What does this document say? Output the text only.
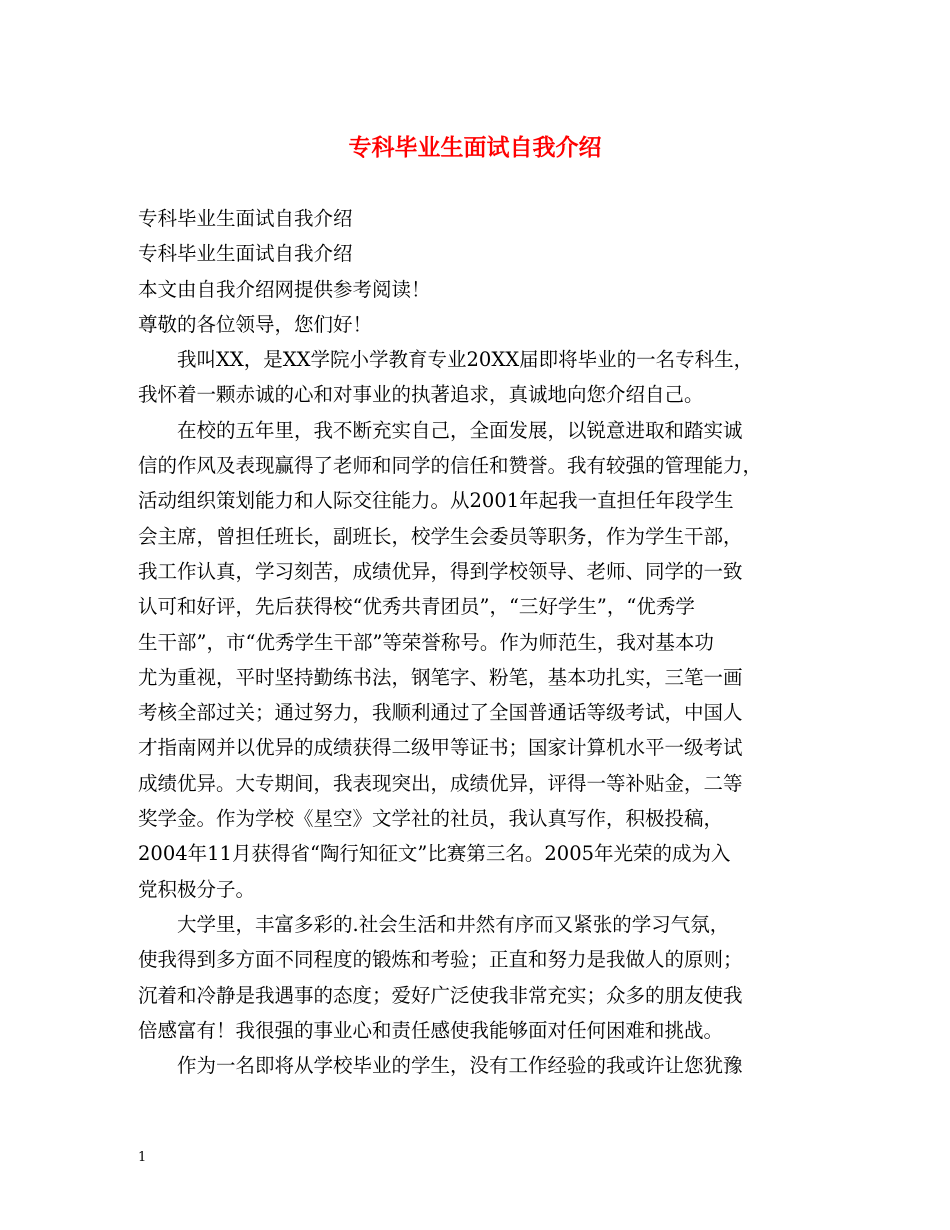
专科毕业生面试自我介绍
专科毕业生面试自我介绍
专科毕业生面试自我介绍
本文由自我介绍网提供参考阅读！
尊敬的各位领导，您们好！
我叫XX，是XX学院小学教育专业20XX届即将毕业的一名专科生，
我怀着一颗赤诚的心和对事业的执著追求，真诚地向您介绍自己。
在校的五年里，我不断充实自己，全面发展，以锐意进取和踏实诚
信的作风及表现赢得了老师和同学的信任和赞誉。我有较强的管理能力，
活动组织策划能力和人际交往能力。从2001年起我一直担任年段学生
会主席，曾担任班长，副班长，校学生会委员等职务，作为学生干部，
我工作认真，学习刻苦，成绩优异，得到学校领导、老师、同学的一致
认可和好评，先后获得校“优秀共青团员”，“三好学生”，“优秀学
生干部”，市“优秀学生干部”等荣誉称号。作为师范生，我对基本功
尤为重视，平时坚持勤练书法，钢笔字、粉笔，基本功扎实，三笔一画
考核全部过关；通过努力，我顺利通过了全国普通话等级考试，中国人
才指南网并以优异的成绩获得二级甲等证书；国家计算机水平一级考试
成绩优异。大专期间，我表现突出，成绩优异，评得一等补贴金，二等
奖学金。作为学校《星空》文学社的社员，我认真写作，积极投稿，
2004年11月获得省“陶行知征文”比赛第三名。2005年光荣的成为入
党积极分子。
大学里，丰富多彩的.社会生活和井然有序而又紧张的学习气氛，
使我得到多方面不同程度的锻炼和考验；正直和努力是我做人的原则；
沉着和冷静是我遇事的态度；爱好广泛使我非常充实；众多的朋友使我
倍感富有！我很强的事业心和责任感使我能够面对任何困难和挑战。
作为一名即将从学校毕业的学生，没有工作经验的我或许让您犹豫
1
